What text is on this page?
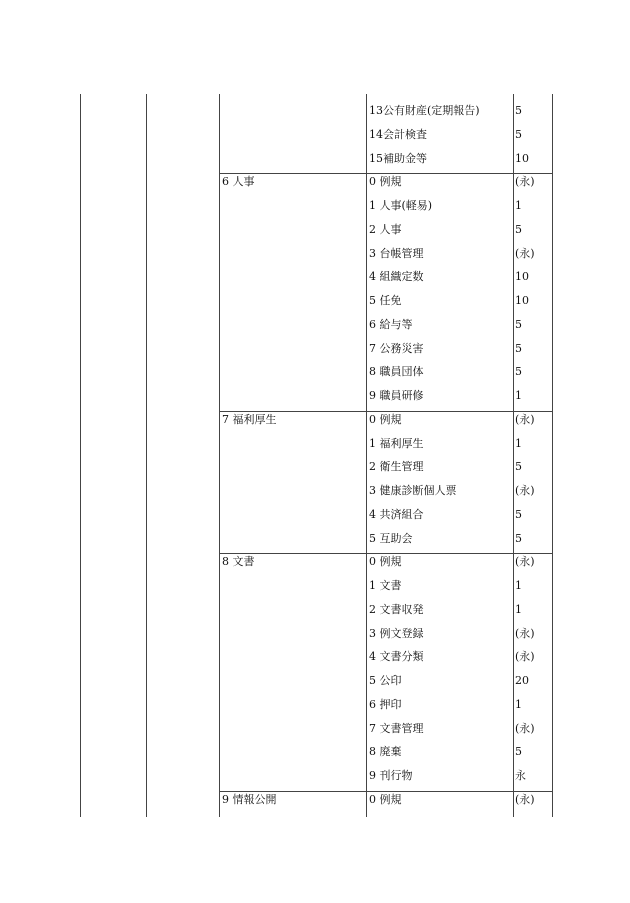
13公有財産(定期報告)	5
14会計検査	5
15補助金等	10
6 人事	0 例規	(永)
1 人事(軽易)	1
2 人事	5
3 台帳管理	(永)
4 組織定数	10
5 任免	10
6 給与等	5
7 公務災害	5
8 職員団体	5
9 職員研修	1
7 福利厚生	0 例規	(永)
1 福利厚生	1
2 衛生管理	5
3 健康診断個人票	(永)
4 共済組合	5
5 互助会	5
8 文書	0 例規	(永)
1 文書	1
2 文書収発	1
3 例文登録	(永)
4 文書分類	(永)
5 公印	20
6 押印	1
7 文書管理	(永)
8 廃棄	5
9 刊行物	永
9 情報公開	0 例規	(永)
